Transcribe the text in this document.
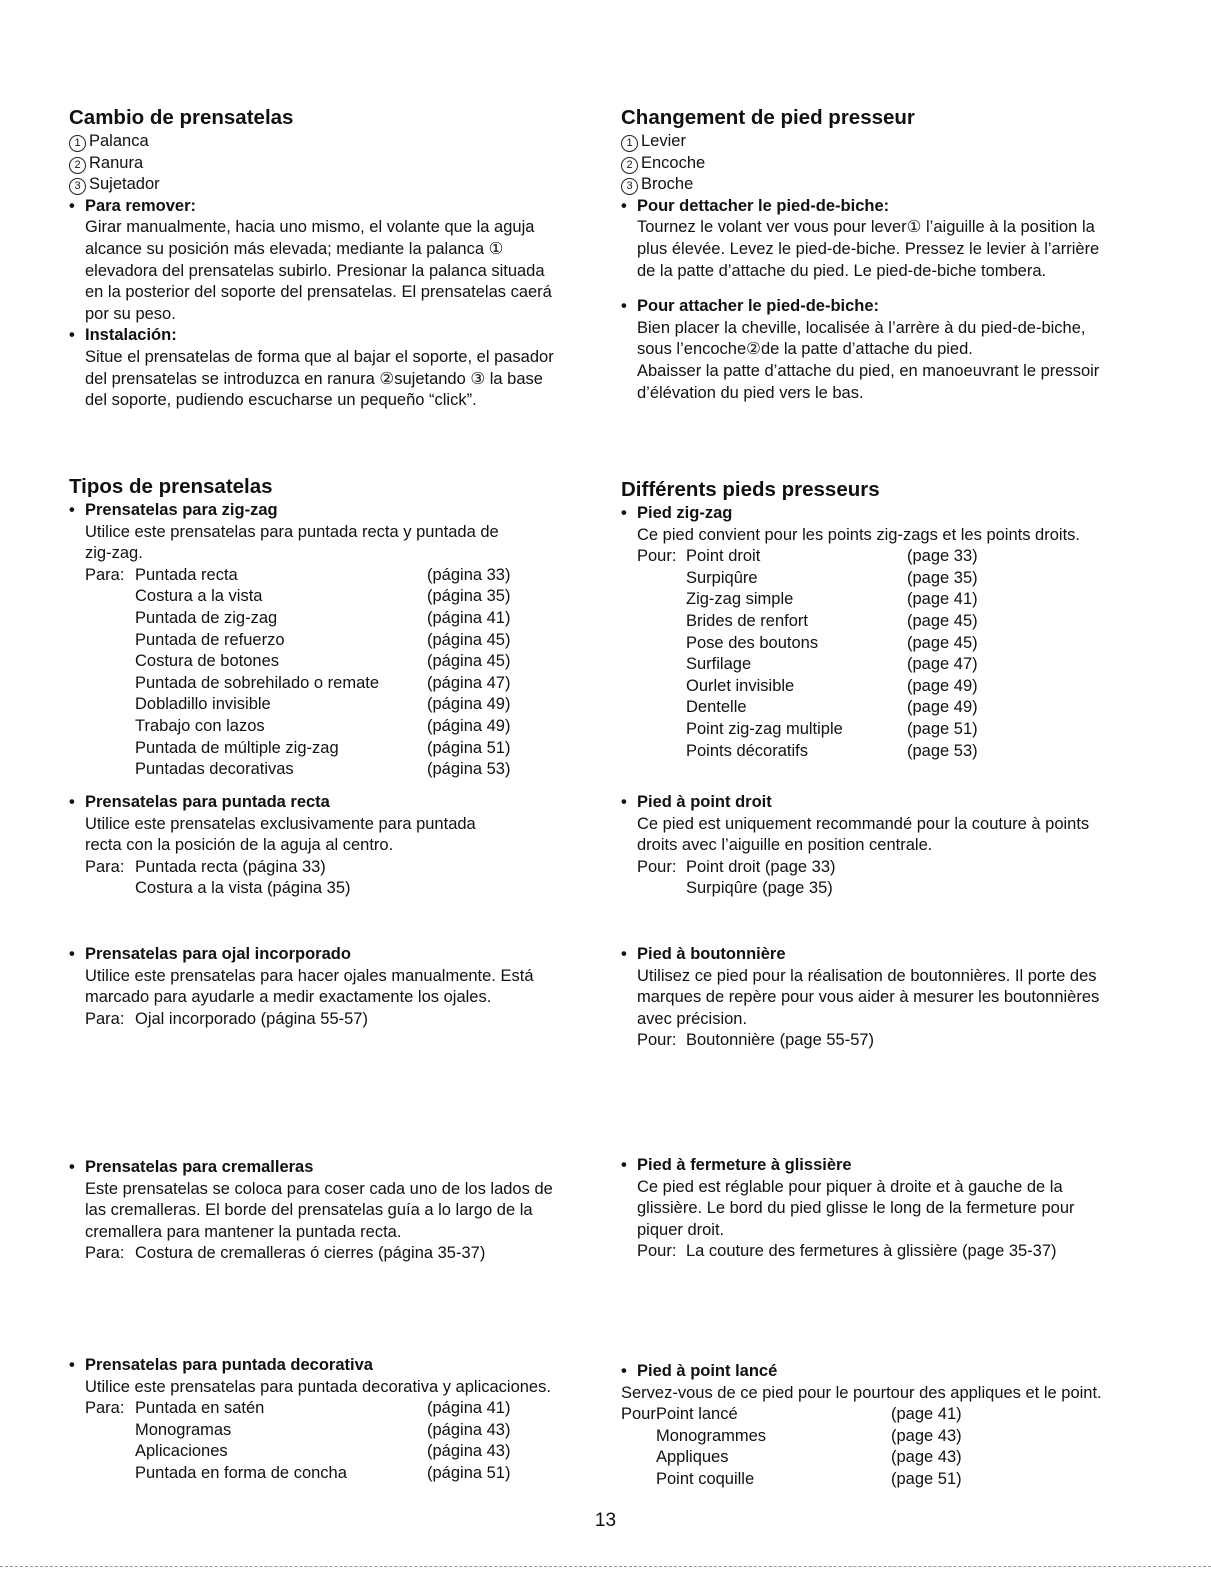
Cambio de prensatelas
1 Palanca
2 Ranura
3 Sujetador
• Para remover:

Girar manualmente, hacia uno mismo, el volante que la aguja

alcance su posición más elevada; mediante la palanca ①

elevadora del prensatelas subirlo. Presionar la palanca situada

en la posterior del soporte del prensatelas. El prensatelas caerá

por su peso.

• Instalación:

Situe el prensatelas de forma que al bajar el soporte, el pasador

del prensatelas se introduzca en ranura ②sujetando ③ la base

del soporte, pudiendo escucharse un pequeño “click”.

Tipos de prensatelas
• Prensatelas para zig-zag

Utilice este prensatelas para puntada recta y puntada de

zig-zag.

Para: Puntada recta	(página 33)
Costura a la vista	(página 35)
Puntada de zig-zag	(página 41)
Puntada de refuerzo	(página 45)
Costura de botones	(página 45)
Puntada de sobrehilado o remate	(página 47)
Dobladillo invisible	(página 49)
Trabajo con lazos	(página 49)
Puntada de múltiple zig-zag	(página 51)
Puntadas decorativas	(página 53)
• Prensatelas para puntada recta

Utilice este prensatelas exclusivamente para puntada

recta con la posición de la aguja al centro.

Para: Puntada recta (página 33)
Costura a la vista (página 35)
• Prensatelas para ojal incorporado

Utilice este prensatelas para hacer ojales manualmente. Está

marcado para ayudarle a medir exactamente los ojales.

Para: Ojal incorporado (página 55-57)
• Prensatelas para cremalleras

Este prensatelas se coloca para coser cada uno de los lados de

las cremalleras. El borde del prensatelas guía a lo largo de la

cremallera para mantener la puntada recta.

Para: Costura de cremalleras ó cierres (página 35-37)
• Prensatelas para puntada decorativa

Utilice este prensatelas para puntada decorativa y aplicaciones.

Para: Puntada en satén	(página 41)
Monogramas	(página 43)
Aplicaciones	(página 43)
Puntada en forma de concha	(página 51)
Changement de pied presseur
1 Levier
2 Encoche
3 Broche
• Pour dettacher le pied-de-biche:

Tournez le volant ver vous pour lever① l’aiguille à la position la

plus élevée. Levez le pied-de-biche. Pressez le levier à l’arrière

de la patte d’attache du pied. Le pied-de-biche tombera.

• Pour attacher le pied-de-biche:

Bien placer la cheville, localisée à l’arrère à du pied-de-biche,

sous l’encoche②de la patte d’attache du pied.

Abaisser la patte d’attache du pied, en manoeuvrant le pressoir

d’élévation du pied vers le bas.

Différents pieds presseurs
• Pied zig-zag

Ce pied convient pour les points zig-zags et les points droits.

Pour: Point droit	(page 33)
Surpiqûre	(page 35)
Zig-zag simple	(page 41)
Brides de renfort	(page 45)
Pose des boutons	(page 45)
Surfilage	(page 47)
Ourlet invisible	(page 49)
Dentelle	(page 49)
Point zig-zag multiple	(page 51)
Points décoratifs	(page 53)
• Pied à point droit

Ce pied est uniquement recommandé pour la couture à points

droits avec l’aiguille en position centrale.

Pour: Point droit (page 33)
Surpiqûre (page 35)
• Pied à boutonnière

Utilisez ce pied pour la réalisation de boutonnières. Il porte des

marques de repère pour vous aider à mesurer les boutonnières

avec précision.

Pour: Boutonnière (page 55-57)
• Pied à fermeture à glissière

Ce pied est réglable pour piquer à droite et à gauche de la

glissière. Le bord du pied glisse le long de la fermeture pour

piquer droit.

Pour: La couture des fermetures à glissière (page 35-37)
• Pied à point lancé

Servez-vous de ce pied pour le pourtour des appliques et le point.

Pour:
Point lancé	(page 41)
Monogrammes	(page 43)
Appliques	(page 43)
Point coquille	(page 51)
13
